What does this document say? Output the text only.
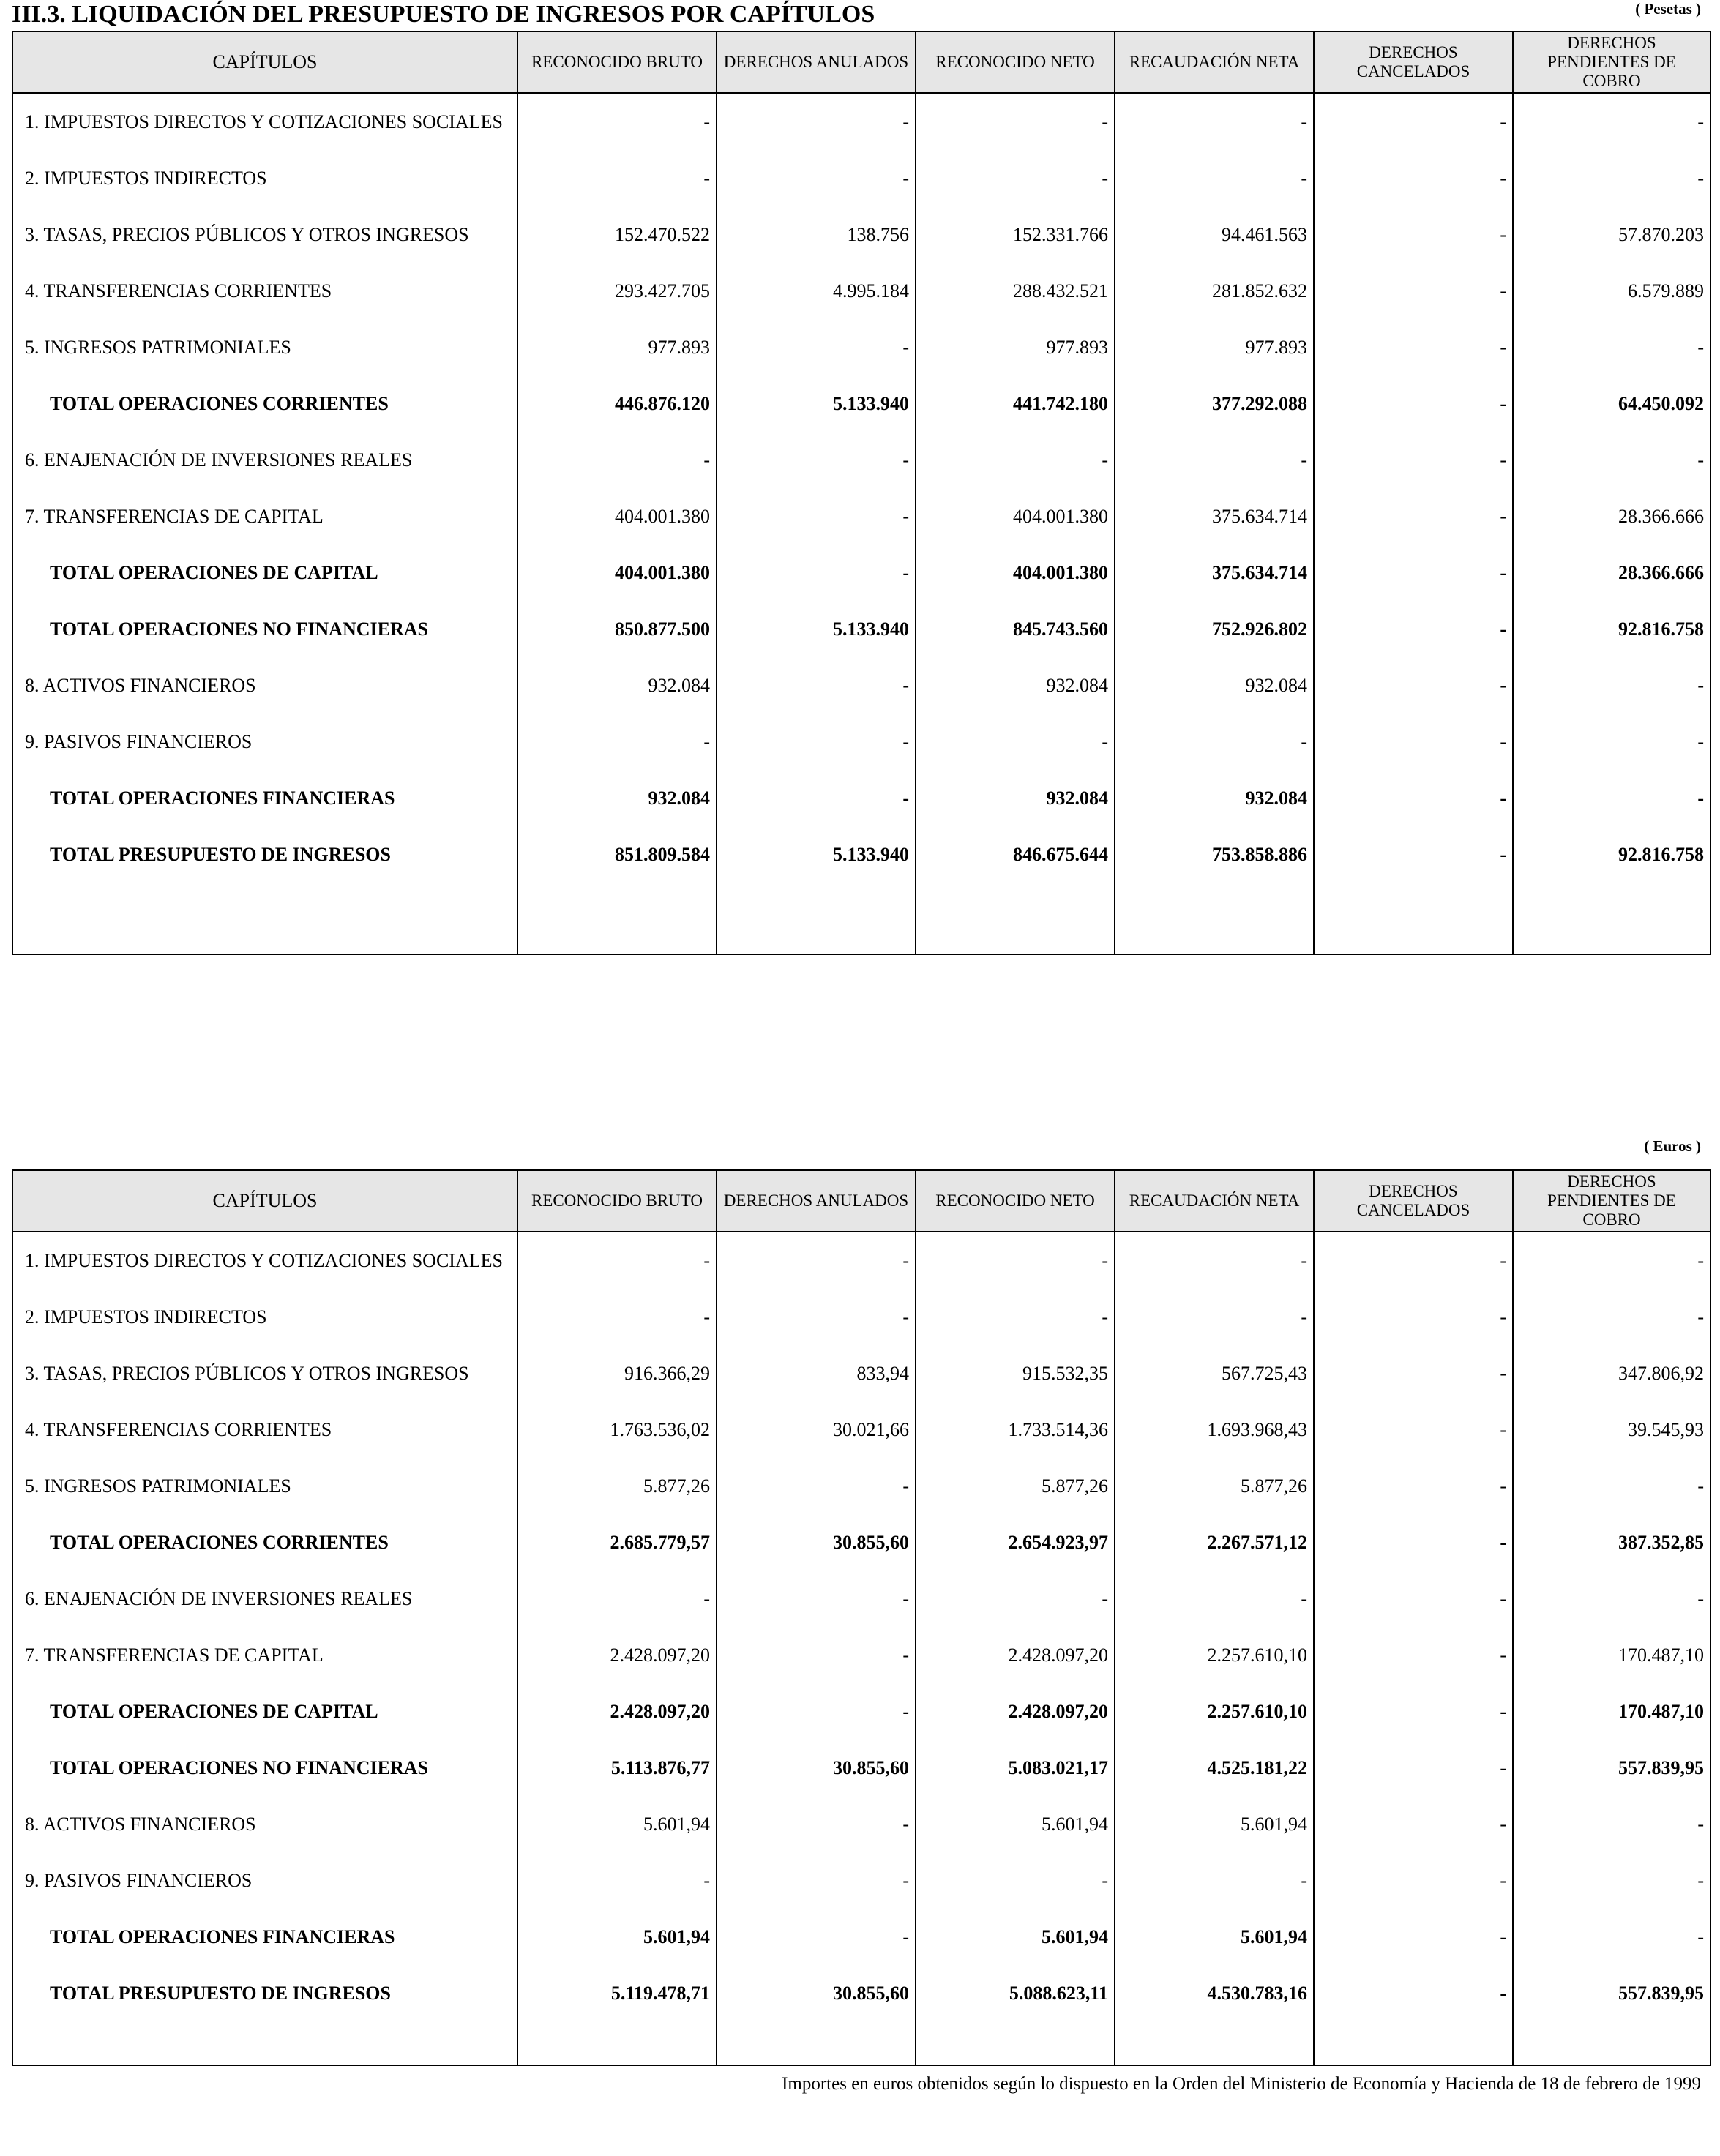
III.3. LIQUIDACIÓN DEL PRESUPUESTO DE INGRESOS POR CAPÍTULOS	( Pesetas )
CAPÍTULOS	RECONOCIDO BRUTO	DERECHOS ANULADOS	RECONOCIDO NETO	RECAUDACIÓN NETA	DERECHOS CANCELADOS	DERECHOS PENDIENTES DE COBRO
1. IMPUESTOS DIRECTOS Y COTIZACIONES SOCIALES	-	-	-	-	-	-
2. IMPUESTOS INDIRECTOS	-	-	-	-	-	-
3. TASAS, PRECIOS PÚBLICOS Y OTROS INGRESOS	152.470.522	138.756	152.331.766	94.461.563	-	57.870.203
4. TRANSFERENCIAS CORRIENTES	293.427.705	4.995.184	288.432.521	281.852.632	-	6.579.889
5. INGRESOS PATRIMONIALES	977.893	-	977.893	977.893	-	-
TOTAL OPERACIONES CORRIENTES	446.876.120	5.133.940	441.742.180	377.292.088	-	64.450.092
6. ENAJENACIÓN DE INVERSIONES REALES	-	-	-	-	-	-
7. TRANSFERENCIAS DE CAPITAL	404.001.380	-	404.001.380	375.634.714	-	28.366.666
TOTAL OPERACIONES DE CAPITAL	404.001.380	-	404.001.380	375.634.714	-	28.366.666
TOTAL OPERACIONES NO FINANCIERAS	850.877.500	5.133.940	845.743.560	752.926.802	-	92.816.758
8. ACTIVOS FINANCIEROS	932.084	-	932.084	932.084	-	-
9. PASIVOS FINANCIEROS	-	-	-	-	-	-
TOTAL OPERACIONES FINANCIERAS	932.084	-	932.084	932.084	-	-
TOTAL PRESUPUESTO DE INGRESOS	851.809.584	5.133.940	846.675.644	753.858.886	-	92.816.758

( Euros )
CAPÍTULOS	RECONOCIDO BRUTO	DERECHOS ANULADOS	RECONOCIDO NETO	RECAUDACIÓN NETA	DERECHOS CANCELADOS	DERECHOS PENDIENTES DE COBRO
1. IMPUESTOS DIRECTOS Y COTIZACIONES SOCIALES	-	-	-	-	-	-
2. IMPUESTOS INDIRECTOS	-	-	-	-	-	-
3. TASAS, PRECIOS PÚBLICOS Y OTROS INGRESOS	916.366,29	833,94	915.532,35	567.725,43	-	347.806,92
4. TRANSFERENCIAS CORRIENTES	1.763.536,02	30.021,66	1.733.514,36	1.693.968,43	-	39.545,93
5. INGRESOS PATRIMONIALES	5.877,26	-	5.877,26	5.877,26	-	-
TOTAL OPERACIONES CORRIENTES	2.685.779,57	30.855,60	2.654.923,97	2.267.571,12	-	387.352,85
6. ENAJENACIÓN DE INVERSIONES REALES	-	-	-	-	-	-
7. TRANSFERENCIAS DE CAPITAL	2.428.097,20	-	2.428.097,20	2.257.610,10	-	170.487,10
TOTAL OPERACIONES DE CAPITAL	2.428.097,20	-	2.428.097,20	2.257.610,10	-	170.487,10
TOTAL OPERACIONES NO FINANCIERAS	5.113.876,77	30.855,60	5.083.021,17	4.525.181,22	-	557.839,95
8. ACTIVOS FINANCIEROS	5.601,94	-	5.601,94	5.601,94	-	-
9. PASIVOS FINANCIEROS	-	-	-	-	-	-
TOTAL OPERACIONES FINANCIERAS	5.601,94	-	5.601,94	5.601,94	-	-
TOTAL PRESUPUESTO DE INGRESOS	5.119.478,71	30.855,60	5.088.623,11	4.530.783,16	-	557.839,95

Importes en euros obtenidos según lo dispuesto en la Orden del Ministerio de Economía y Hacienda de 18 de febrero de 1999
